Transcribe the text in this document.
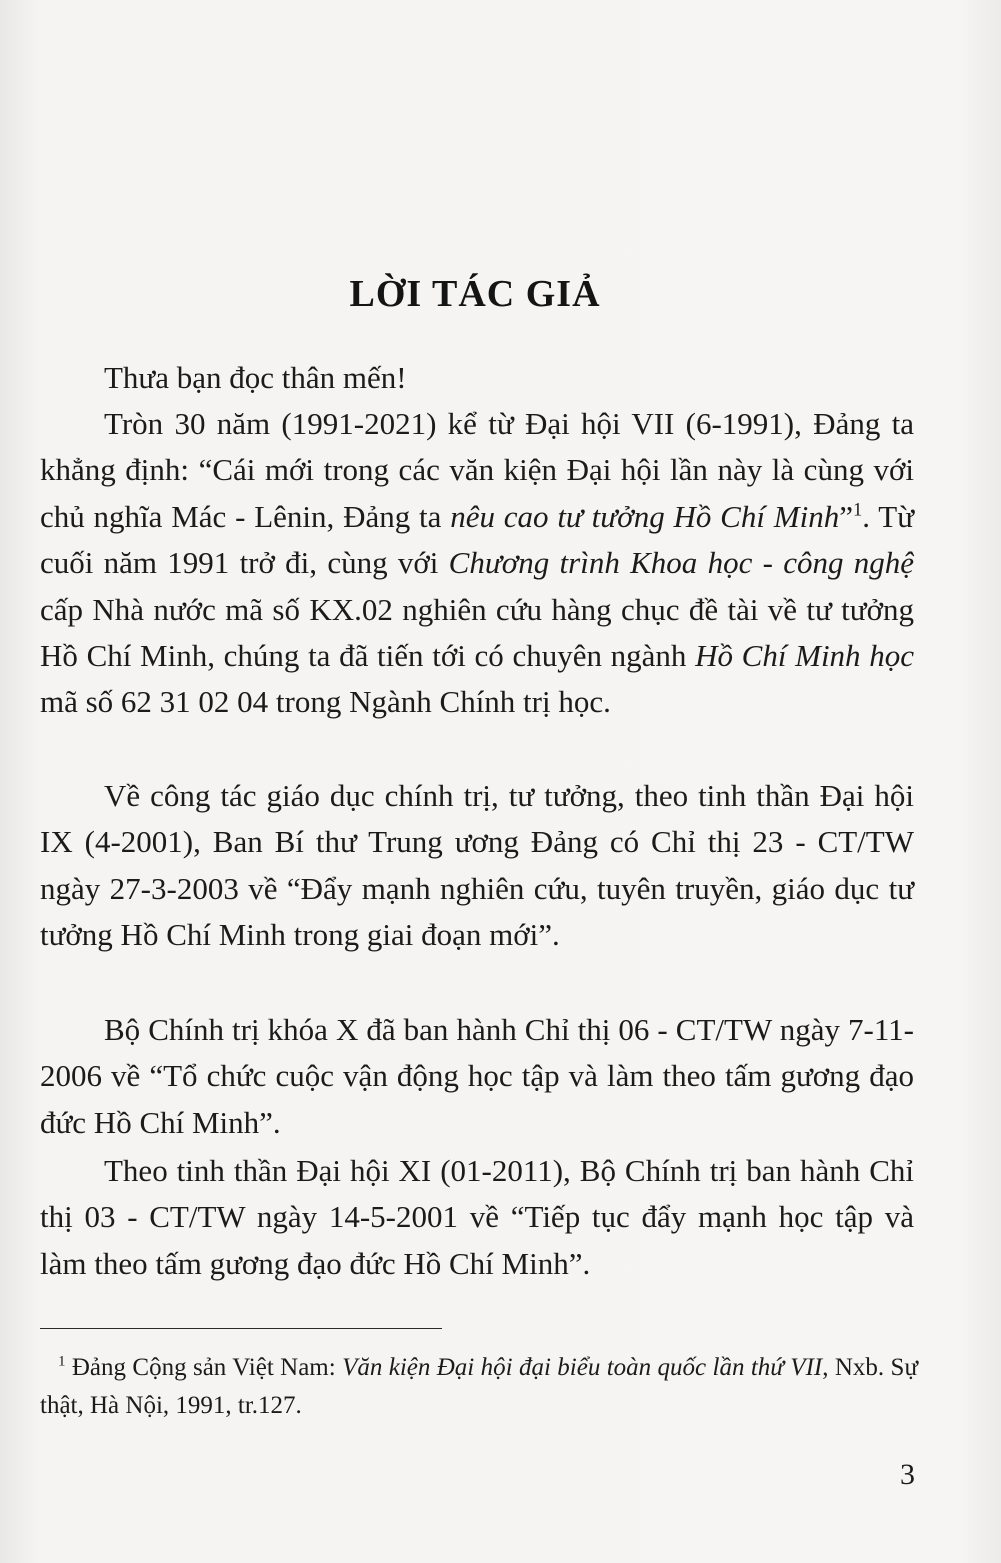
LỜI TÁC GIẢ

Thưa bạn đọc thân mến!

Tròn 30 năm (1991-2021) kể từ Đại hội VII (6-1991), Đảng ta khẳng định: “Cái mới trong các văn kiện Đại hội lần này là cùng với chủ nghĩa Mác - Lênin, Đảng ta nêu cao tư tưởng Hồ Chí Minh”$^1$. Từ cuối năm 1991 trở đi, cùng với Chương trình Khoa học - công nghệ cấp Nhà nước mã số KX.02 nghiên cứu hàng chục đề tài về tư tưởng Hồ Chí Minh, chúng ta đã tiến tới có chuyên ngành Hồ Chí Minh học mã số 62 31 02 04 trong Ngành Chính trị học.

Về công tác giáo dục chính trị, tư tưởng, theo tinh thần Đại hội IX (4-2001), Ban Bí thư Trung ương Đảng có Chỉ thị 23 - CT/TW ngày 27-3-2003 về “Đẩy mạnh nghiên cứu, tuyên truyền, giáo dục tư tưởng Hồ Chí Minh trong giai đoạn mới”.

Bộ Chính trị khóa X đã ban hành Chỉ thị 06 - CT/TW ngày 7-11-2006 về “Tổ chức cuộc vận động học tập và làm theo tấm gương đạo đức Hồ Chí Minh”.

Theo tinh thần Đại hội XI (01-2011), Bộ Chính trị ban hành Chỉ thị 03 - CT/TW ngày 14-5-2001 về “Tiếp tục đẩy mạnh học tập và làm theo tấm gương đạo đức Hồ Chí Minh”.

$^1$ Đảng Cộng sản Việt Nam: Văn kiện Đại hội đại biểu toàn quốc lần thứ VII, Nxb. Sự thật, Hà Nội, 1991, tr.127.
3
